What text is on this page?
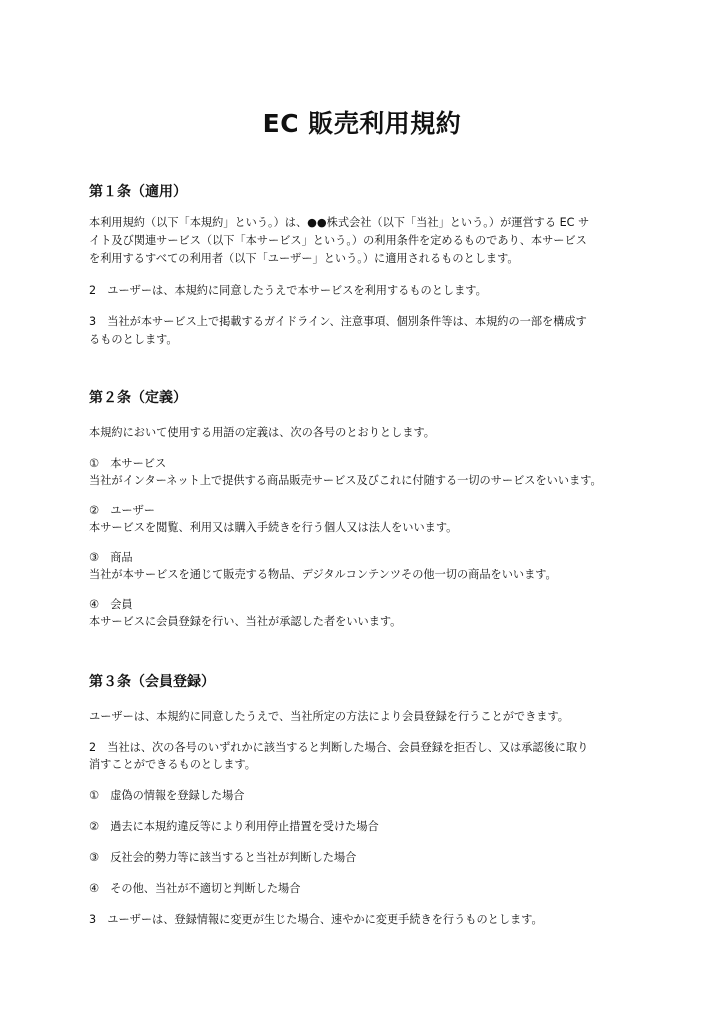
EC 販売利用規約
第１条（適用）
本利用規約（以下「本規約」という。）は、●●株式会社（以下「当社」という。）が運営する EC サ
イト及び関連サービス（以下「本サービス」という。）の利用条件を定めるものであり、本サービス
を利用するすべての利用者（以下「ユーザー」という。）に適用されるものとします。
2　ユーザーは、本規約に同意したうえで本サービスを利用するものとします。
3　当社が本サービス上で掲載するガイドライン、注意事項、個別条件等は、本規約の一部を構成す
るものとします。
第２条（定義）
本規約において使用する用語の定義は、次の各号のとおりとします。
①　本サービス
当社がインターネット上で提供する商品販売サービス及びこれに付随する一切のサービスをいいます。
②　ユーザー
本サービスを閲覧、利用又は購入手続きを行う個人又は法人をいいます。
③　商品
当社が本サービスを通じて販売する物品、デジタルコンテンツその他一切の商品をいいます。
④　会員
本サービスに会員登録を行い、当社が承認した者をいいます。
第３条（会員登録）
ユーザーは、本規約に同意したうえで、当社所定の方法により会員登録を行うことができます。
2　当社は、次の各号のいずれかに該当すると判断した場合、会員登録を拒否し、又は承認後に取り
消すことができるものとします。
①　虚偽の情報を登録した場合
②　過去に本規約違反等により利用停止措置を受けた場合
③　反社会的勢力等に該当すると当社が判断した場合
④　その他、当社が不適切と判断した場合
3　ユーザーは、登録情報に変更が生じた場合、速やかに変更手続きを行うものとします。
